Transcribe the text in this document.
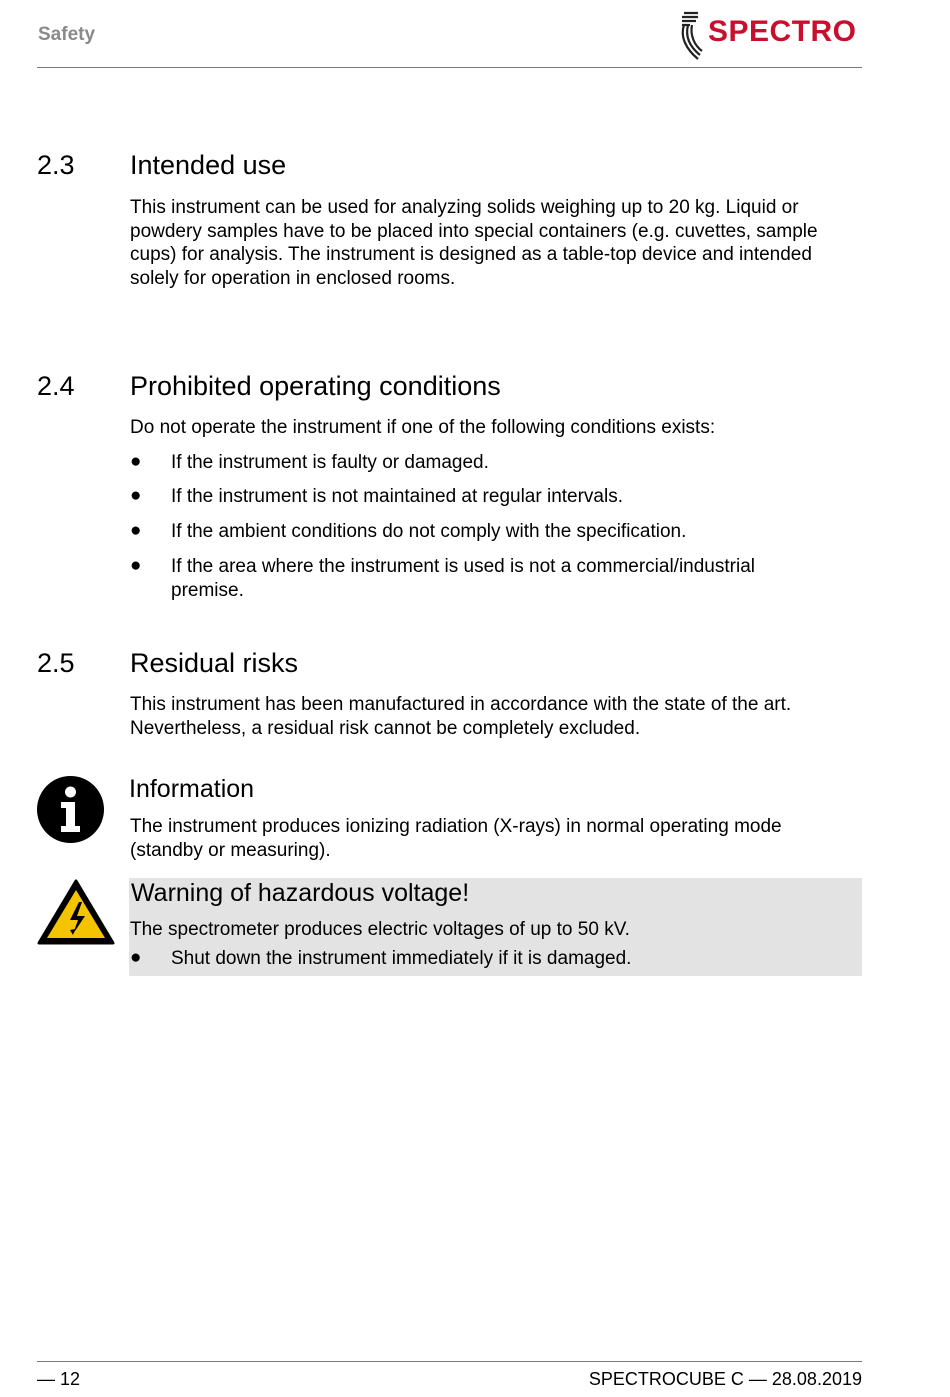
Safety	SPECTRO
2.3 Intended use
This instrument can be used for analyzing solids weighing up to 20 kg. Liquid or
powdery samples have to be placed into special containers (e.g. cuvettes, sample
cups) for analysis. The instrument is designed as a table-top device and intended
solely for operation in enclosed rooms.
2.4 Prohibited operating conditions
Do not operate the instrument if one of the following conditions exists:
● If the instrument is faulty or damaged.
● If the instrument is not maintained at regular intervals.
● If the ambient conditions do not comply with the specification.
● If the area where the instrument is used is not a commercial/industrial premise.
2.5 Residual risks
This instrument has been manufactured in accordance with the state of the art.
Nevertheless, a residual risk cannot be completely excluded.
Information
The instrument produces ionizing radiation (X-rays) in normal operating mode
(standby or measuring).
Warning of hazardous voltage!
The spectrometer produces electric voltages of up to 50 kV.
● Shut down the instrument immediately if it is damaged.
— 12	SPECTROCUBE C — 28.08.2019
